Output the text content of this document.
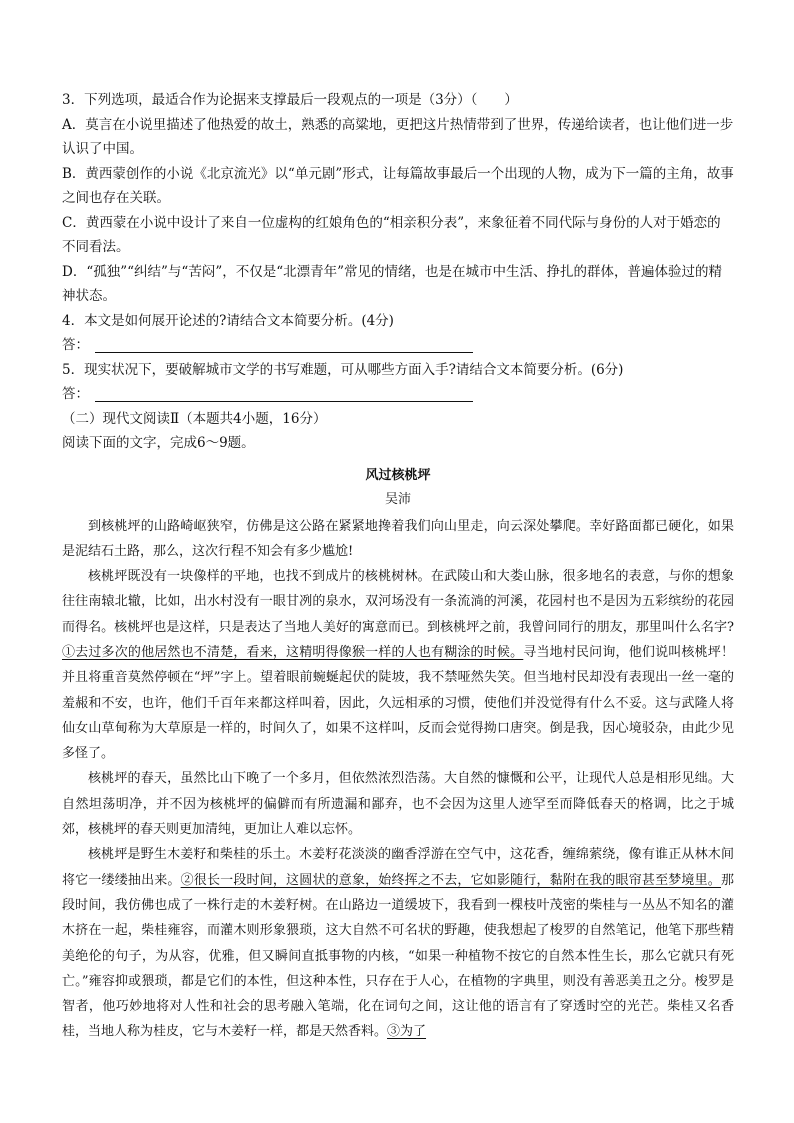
3．下列选项，最适合作为论据来支撑最后一段观点的一项是（3分）（　　）

A．莫言在小说里描述了他热爱的故土，熟悉的高粱地，更把这片热情带到了世界，传递给读者，也让他们进一步认识了中国。

B．黄西蒙创作的小说《北京流光》以“单元剧”形式，让每篇故事最后一个出现的人物，成为下一篇的主角，故事之间也存在关联。

C．黄西蒙在小说中设计了来自一位虚构的红娘角色的“相亲积分表”，来象征着不同代际与身份的人对于婚恋的不同看法。

D．“孤独”“纠结”与“苦闷”，不仅是“北漂青年”常见的情绪，也是在城市中生活、挣扎的群体，普遍体验过的精神状态。

4．本文是如何展开论述的?请结合文本简要分析。(4分)

答：

5．现实状况下，要破解城市文学的书写难题，可从哪些方面入手?请结合文本简要分析。(6分)

答：

（二）现代文阅读Ⅱ（本题共4小题，16分）

阅读下面的文字，完成6～9题。

风过核桃坪
吴沛

到核桃坪的山路崎岖狭窄，仿佛是这公路在紧紧地搀着我们向山里走，向云深处攀爬。幸好路面都已硬化，如果是泥结石土路，那么，这次行程不知会有多少尴尬!

核桃坪既没有一块像样的平地，也找不到成片的核桃树林。在武陵山和大娄山脉，很多地名的表意，与你的想象往往南辕北辙，比如，出水村没有一眼甘冽的泉水，双河场没有一条流淌的河溪，花园村也不是因为五彩缤纷的花园而得名。核桃坪也是这样，只是表达了当地人美好的寓意而已。到核桃坪之前，我曾问同行的朋友，那里叫什么名字?①去过多次的他居然也不清楚，看来，这精明得像猴一样的人也有糊涂的时候。寻当地村民问询，他们说叫核桃坪！并且将重音莫然停顿在“坪”字上。望着眼前蜿蜒起伏的陡坡，我不禁哑然失笑。但当地村民却没有表现出一丝一毫的羞赧和不安，也许，他们千百年来都这样叫着，因此，久远相承的习惯，使他们并没觉得有什么不妥。这与武隆人将仙女山草甸称为大草原是一样的，时间久了，如果不这样叫，反而会觉得拗口唐突。倒是我，因心境驳杂，由此少见多怪了。

核桃坪的春天，虽然比山下晚了一个多月，但依然浓烈浩荡。大自然的慷慨和公平，让现代人总是相形见绌。大自然坦荡明净，并不因为核桃坪的偏僻而有所遗漏和鄙弃，也不会因为这里人迹罕至而降低春天的格调，比之于城郊，核桃坪的春天则更加清纯，更加让人难以忘怀。

核桃坪是野生木姜籽和柴桂的乐土。木姜籽花淡淡的幽香浮游在空气中，这花香，缠绵萦绕，像有谁正从林木间将它一缕缕抽出来。②很长一段时间，这圆状的意象，始终挥之不去，它如影随行，黏附在我的眼帘甚至梦境里。那段时间，我仿佛也成了一株行走的木姜籽树。在山路边一道缓坡下，我看到一棵枝叶茂密的柴桂与一丛丛不知名的灌木挤在一起，柴桂雍容，而灌木则形象猥琐，这大自然不可名状的野趣，使我想起了梭罗的自然笔记，他笔下那些精美绝伦的句子，为从容，优雅，但又瞬间直抵事物的内核，“如果一种植物不按它的自然本性生长，那么它就只有死亡。”雍容抑或猥琐，都是它们的本性，但这种本性，只存在于人心，在植物的字典里，则没有善恶美丑之分。梭罗是智者，他巧妙地将对人性和社会的思考融入笔端，化在词句之间，这让他的语言有了穿透时空的光芒。柴桂又名香桂，当地人称为桂皮，它与木姜籽一样，都是天然香料。③为了
